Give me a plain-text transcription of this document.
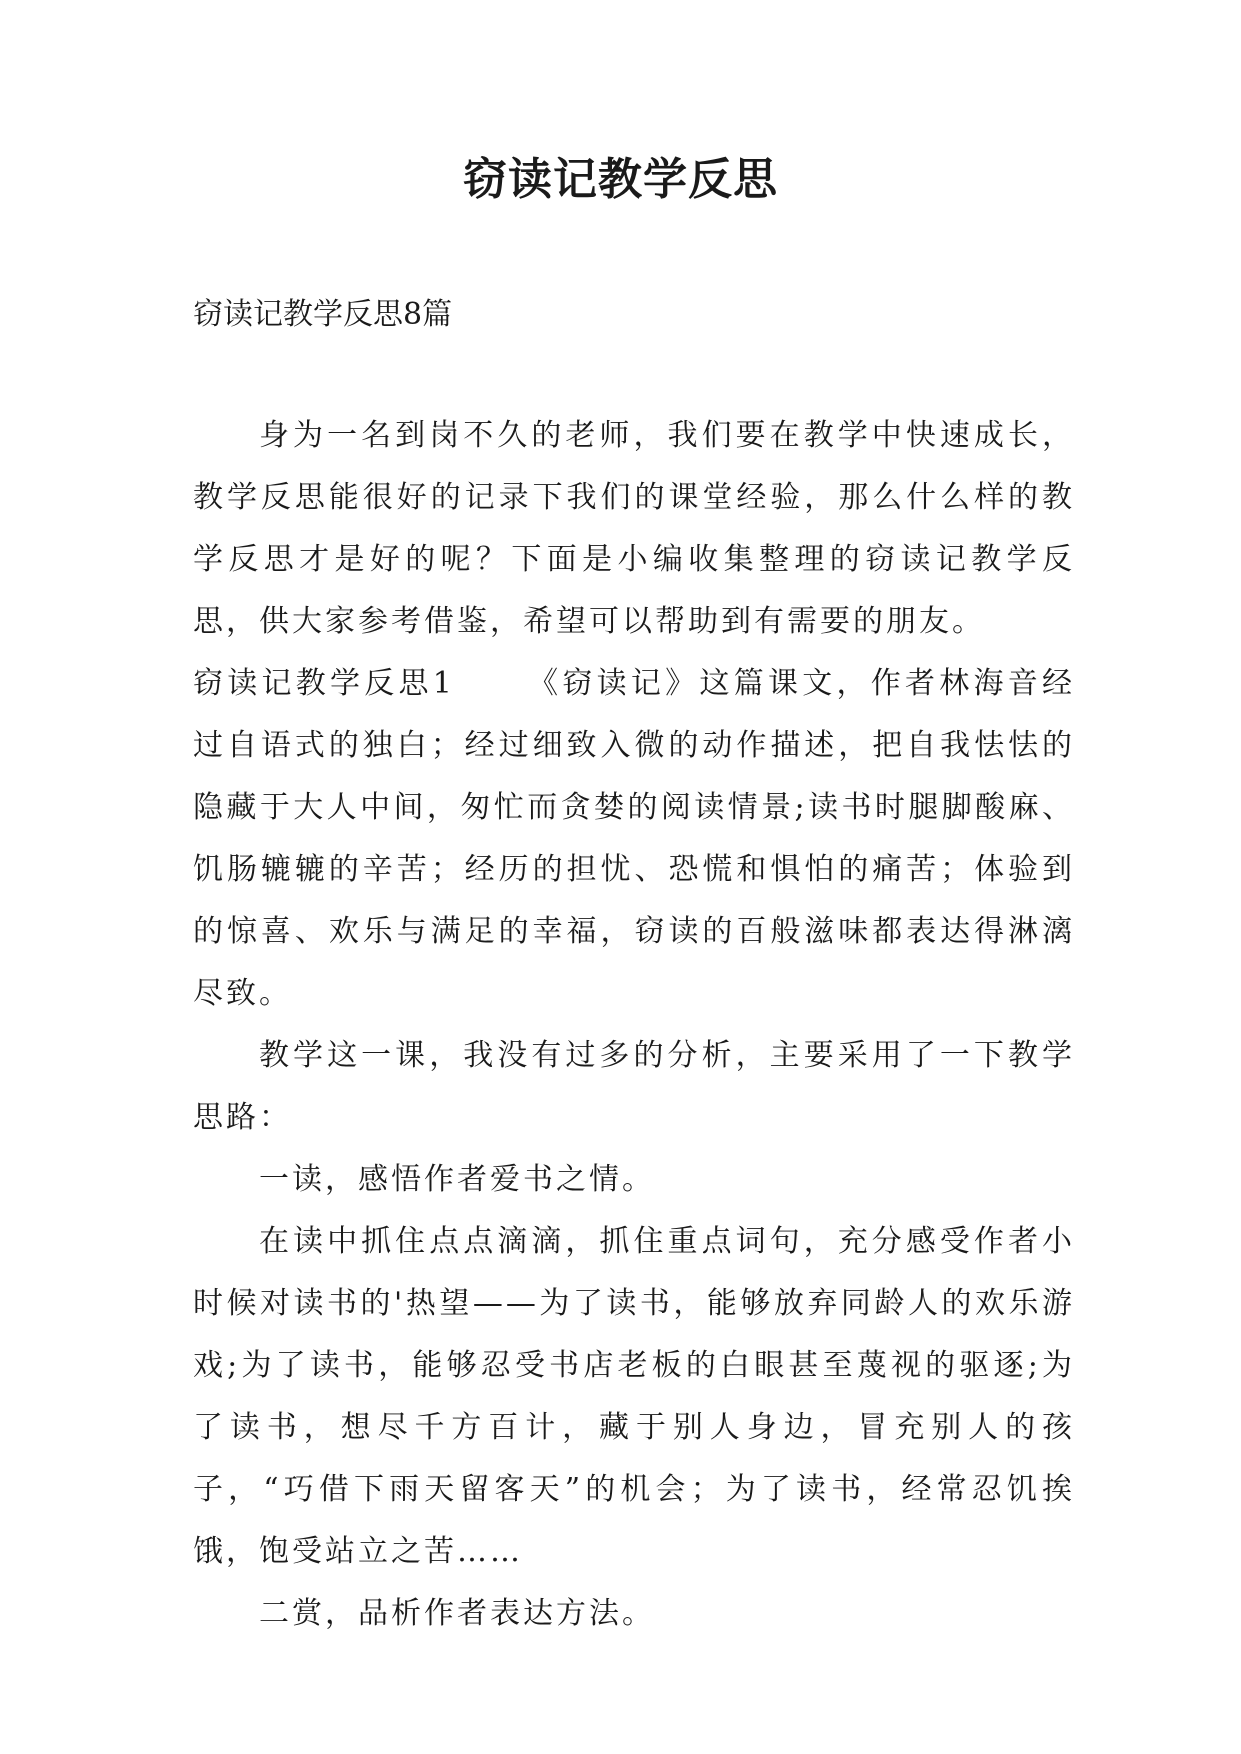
窃读记教学反思

窃读记教学反思8篇

身为一名到岗不久的老师，我们要在教学中快速成长，教学反思能很好的记录下我们的课堂经验，那么什么样的教学反思才是好的呢？下面是小编收集整理的窃读记教学反思，供大家参考借鉴，希望可以帮助到有需要的朋友。

窃读记教学反思1 《窃读记》这篇课文，作者林海音经过自语式的独白；经过细致入微的动作描述，把自我怯怯的隐藏于大人中间，匆忙而贪婪的阅读情景;读书时腿脚酸麻、饥肠辘辘的辛苦；经历的担忧、恐慌和惧怕的痛苦；体验到的惊喜、欢乐与满足的幸福，窃读的百般滋味都表达得淋漓尽致。

教学这一课，我没有过多的分析，主要采用了一下教学思路：

一读，感悟作者爱书之情。

在读中抓住点点滴滴，抓住重点词句，充分感受作者小时候对读书的'热望——为了读书，能够放弃同龄人的欢乐游戏;为了读书，能够忍受书店老板的白眼甚至蔑视的驱逐;为了读书，想尽千方百计，藏于别人身边，冒充别人的孩子，“巧借下雨天留客天”的机会；为了读书，经常忍饥挨饿，饱受站立之苦……

二赏，品析作者表达方法。
